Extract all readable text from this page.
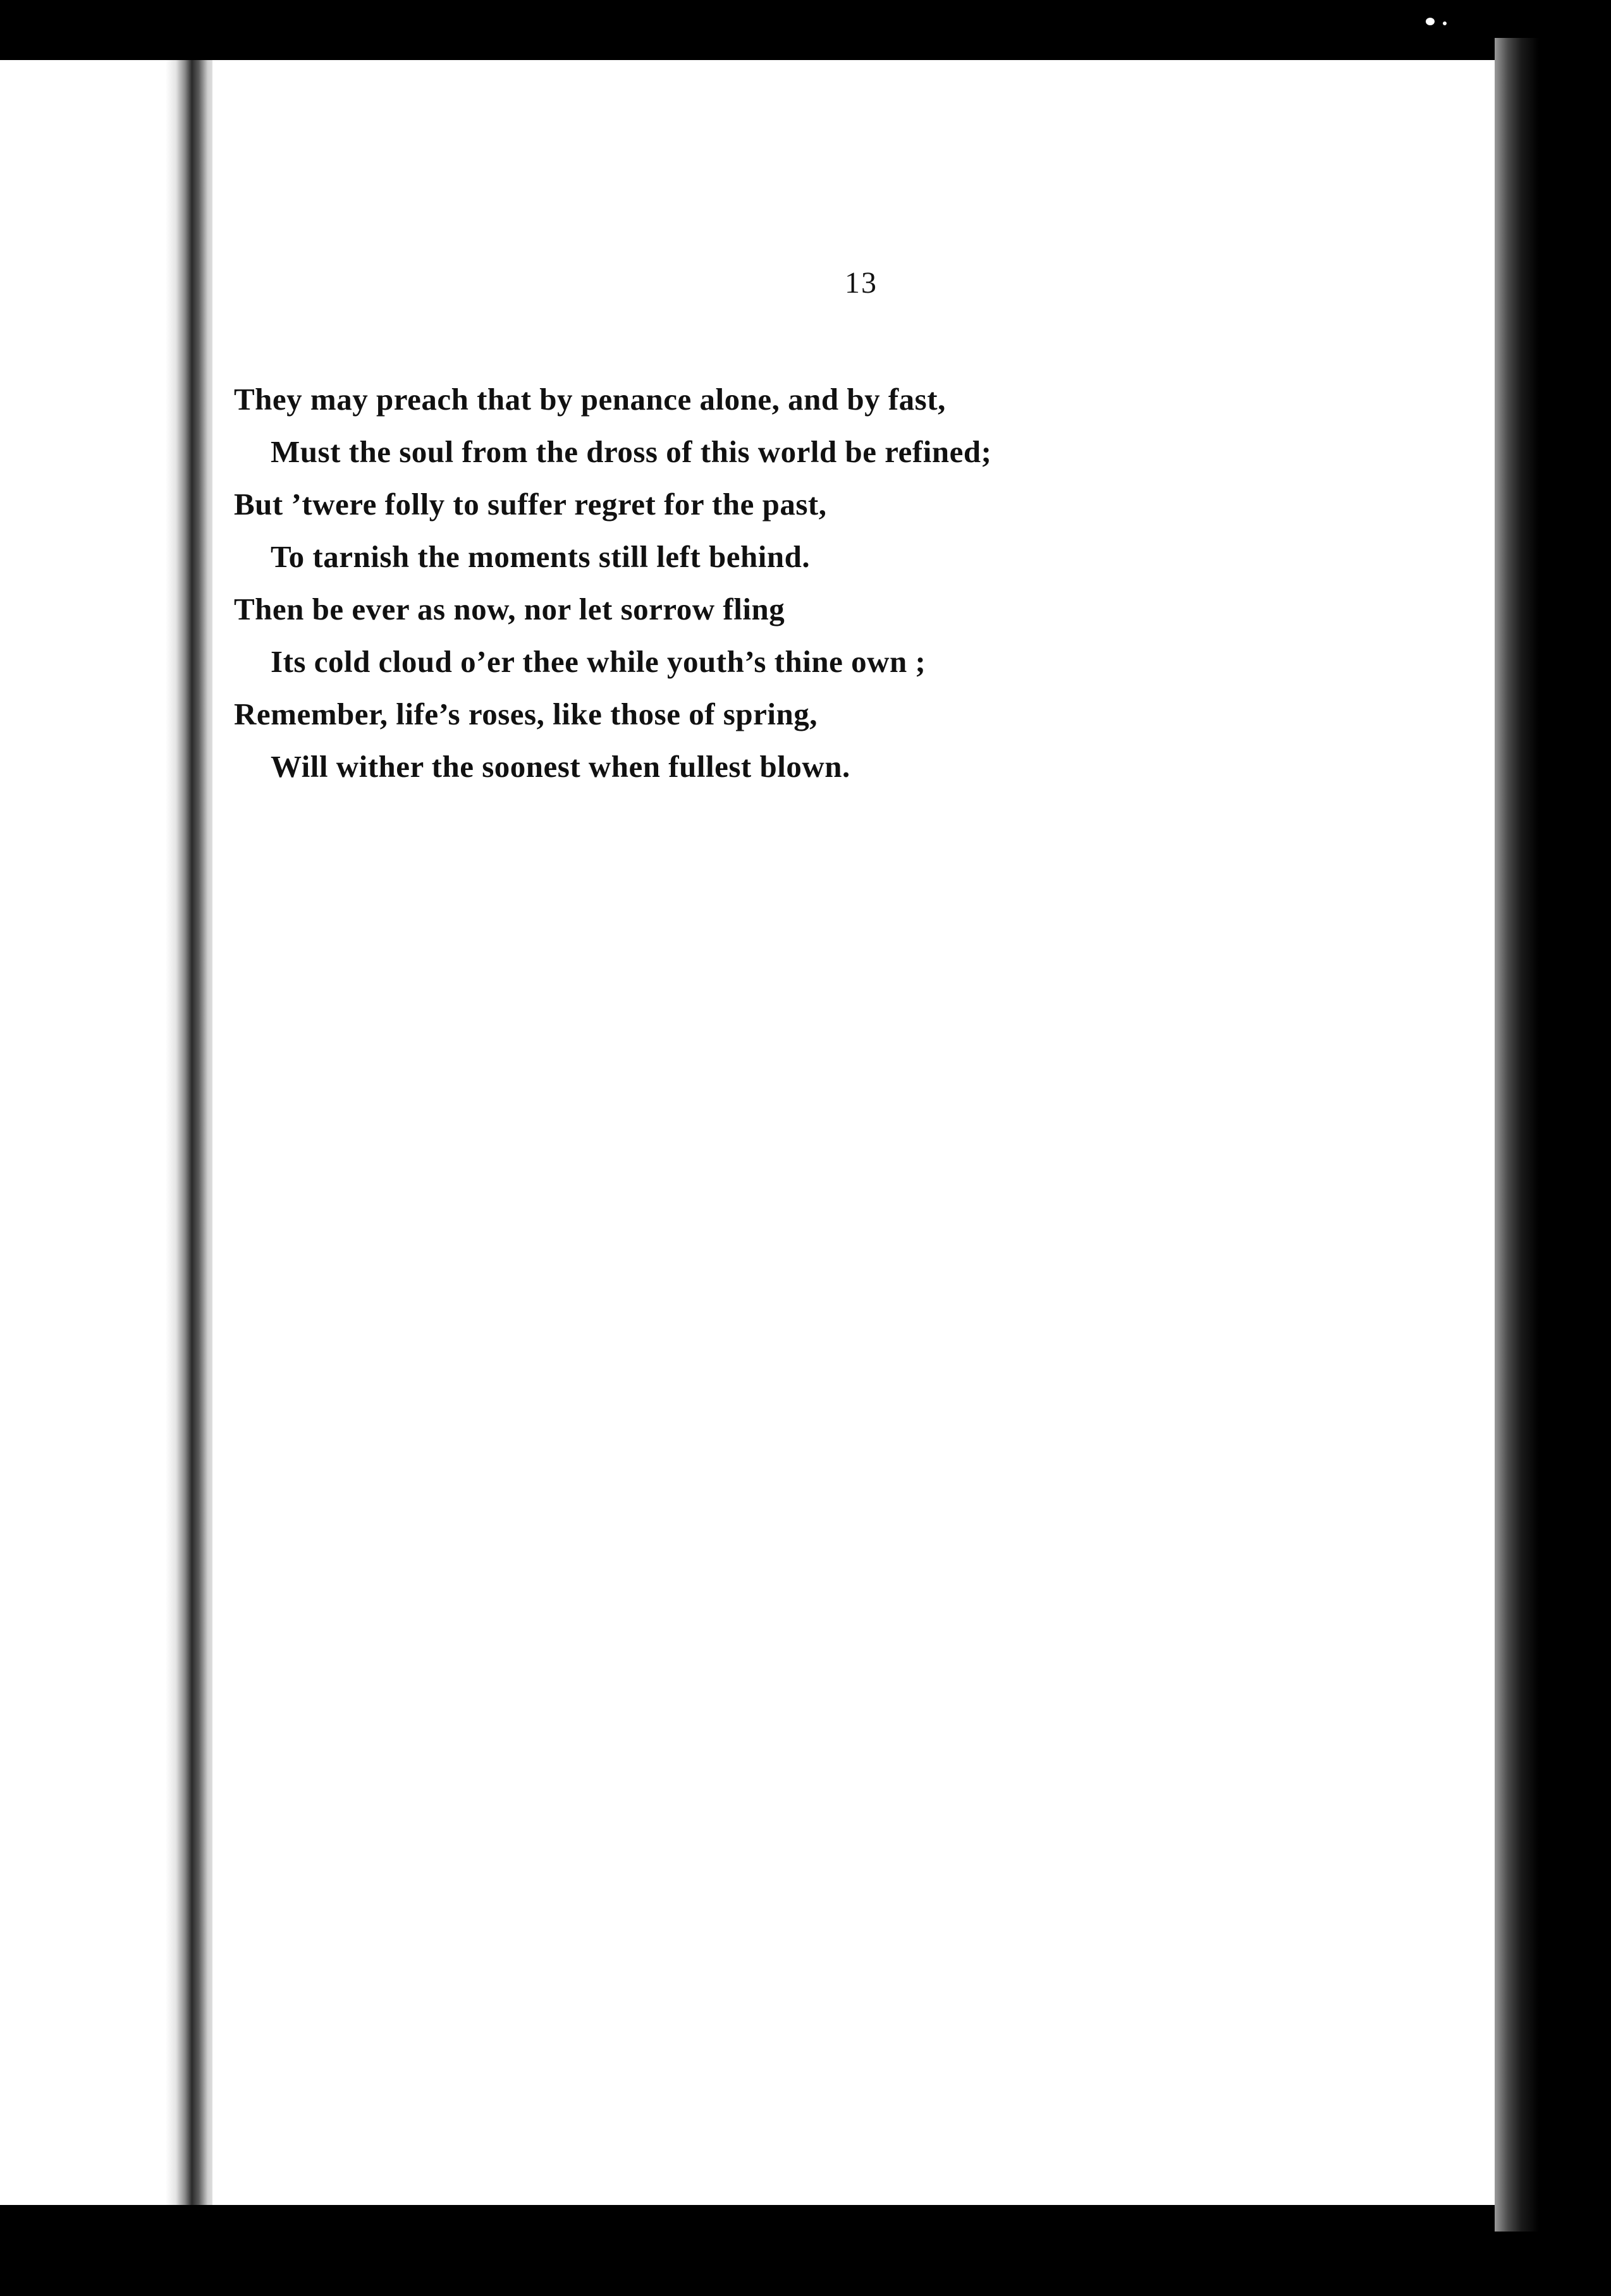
13
They may preach that by penance alone, and by fast,
Must the soul from the dross of this world be refined;
But ’twere folly to suffer regret for the past,
To tarnish the moments still left behind.
Then be ever as now, nor let sorrow fling
Its cold cloud o’er thee while youth’s thine own ;
Remember, life’s roses, like those of spring,
Will wither the soonest when fullest blown.
